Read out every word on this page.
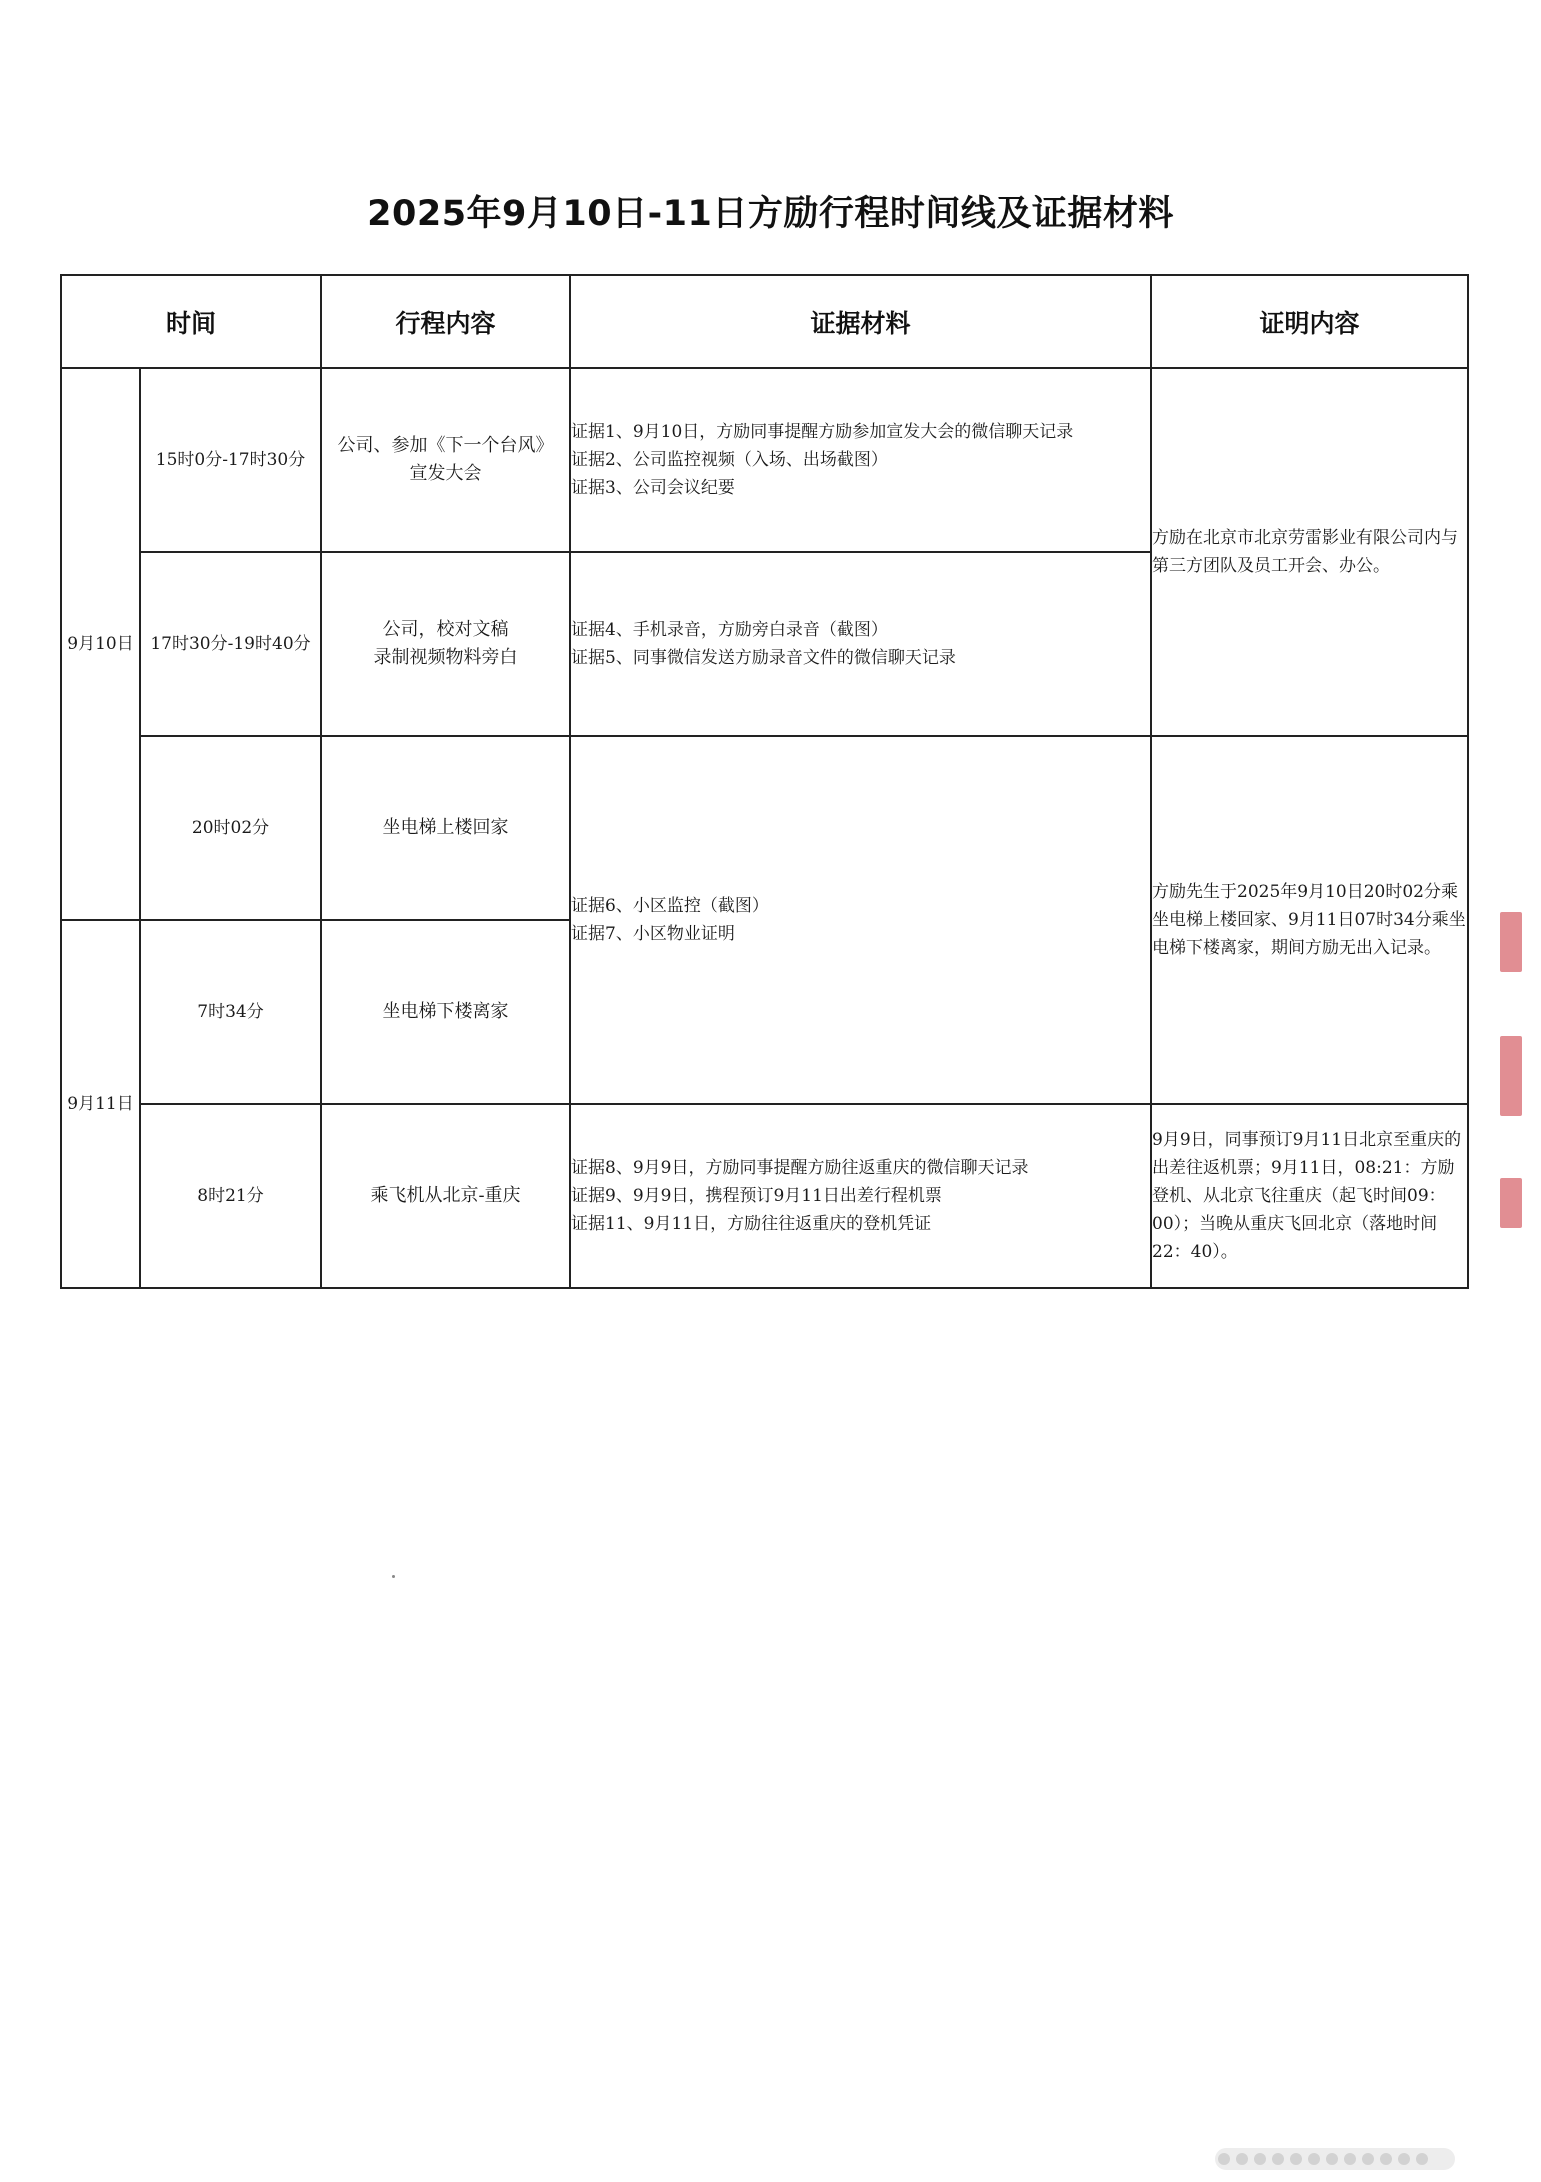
2025年9月10日-11日方励行程时间线及证据材料
时间		行程内容	证据材料	证明内容
9月10日	15时0分-17时30分	公司、参加《下一个台风》
宣发大会	证据1、9月10日，方励同事提醒方励参加宣发大会的微信聊天记录
证据2、公司监控视频（入场、出场截图）
证据3、公司会议纪要	方励在北京市北京劳雷影业有限公司内与第三方团队及员工开会、办公。

	17时30分-19时40分	公司，校对文稿
录制视频物料旁白	证据4、手机录音，方励旁白录音（截图）
证据5、同事微信发送方励录音文件的微信聊天记录	

	20时02分	坐电梯上楼回家	证据6、小区监控（截图）
证据7、小区物业证明	方励先生于2025年9月10日20时02分乘坐电梯上楼回家、9月11日07时34分乘坐电梯下楼离家，期间方励无出入记录。

9月11日	7时34分	坐电梯下楼离家		
	8时21分	乘飞机从北京-重庆	证据8、9月9日，方励同事提醒方励往返重庆的微信聊天记录
证据9、9月9日，携程预订9月11日出差行程机票
证据11、9月11日，方励往往返重庆的登机凭证	9月9日，同事预订9月11日北京至重庆的出差往返机票；9月11日，08:21：方励登机、从北京飞往重庆（起飞时间09：00）；当晚从重庆飞回北京（落地时间22：40）。
